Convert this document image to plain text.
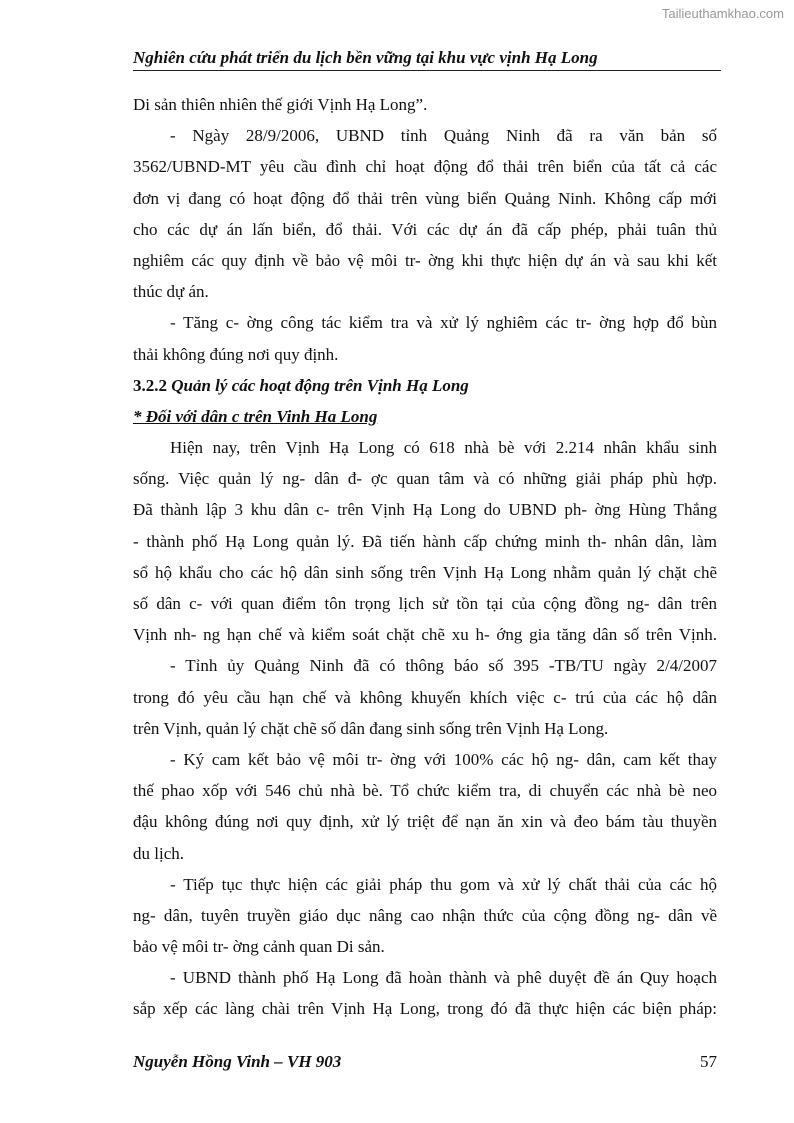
Tailieuthamkhao.com
Nghiên cứu phát triển du lịch bền vững tại khu vực vịnh Hạ Long
Di sản thiên nhiên thế giới Vịnh Hạ Long”.
- Ngày 28/9/2006, UBND tỉnh Quảng Ninh đã ra văn bản số
3562/UBND-MT yêu cầu đình chỉ hoạt động đổ thải trên biển của tất cả các
đơn vị đang có hoạt động đổ thải trên vùng biển Quảng Ninh. Không cấp mới
cho các dự án lấn biển, đổ thải. Với các dự án đã cấp phép, phải tuân thủ
nghiêm các quy định về bảo vệ môi tr- ờng khi thực hiện dự án và sau khi kết
thúc dự án.
- Tăng c- ờng công tác kiểm tra và xử lý nghiêm các tr- ờng hợp đổ bùn
thải không đúng nơi quy định.
3.2.2 Quản lý các hoạt động trên Vịnh Hạ Long
* Đối với dân c trên Vinh Ha Long
Hiện nay, trên Vịnh Hạ Long có 618 nhà bè với 2.214 nhân khẩu sinh
sống. Việc quản lý ng- dân đ- ợc quan tâm và có những giải pháp phù hợp.
Đã thành lập 3 khu dân c- trên Vịnh Hạ Long do UBND ph- ờng Hùng Thắng
- thành phố Hạ Long quản lý. Đã tiến hành cấp chứng minh th- nhân dân, làm
sổ hộ khẩu cho các hộ dân sinh sống trên Vịnh Hạ Long nhằm quản lý chặt chẽ
số dân c- với quan điểm tôn trọng lịch sử tồn tại của cộng đồng ng- dân trên
Vịnh nh- ng hạn chế và kiểm soát chặt chẽ xu h- ớng gia tăng dân số trên Vịnh.
- Tỉnh ủy Quảng Ninh đã có thông báo số 395 -TB/TU ngày 2/4/2007
trong đó yêu cầu hạn chế và không khuyến khích việc c- trú của các hộ dân
trên Vịnh, quản lý chặt chẽ số dân đang sinh sống trên Vịnh Hạ Long.
- Ký cam kết bảo vệ môi tr- ờng với 100% các hộ ng- dân, cam kết thay
thế phao xốp với 546 chủ nhà bè. Tổ chức kiểm tra, di chuyển các nhà bè neo
đậu không đúng nơi quy định, xử lý triệt để nạn ăn xin và đeo bám tàu thuyền
du lịch.
- Tiếp tục thực hiện các giải pháp thu gom và xử lý chất thải của các hộ
ng- dân, tuyên truyền giáo dục nâng cao nhận thức của cộng đồng ng- dân về
bảo vệ môi tr- ờng cảnh quan Di sản.
- UBND thành phố Hạ Long đã hoàn thành và phê duyệt đề án Quy hoạch
sắp xếp các làng chài trên Vịnh Hạ Long, trong đó đã thực hiện các biện pháp:
Nguyễn Hồng Vinh – VH 903	57
